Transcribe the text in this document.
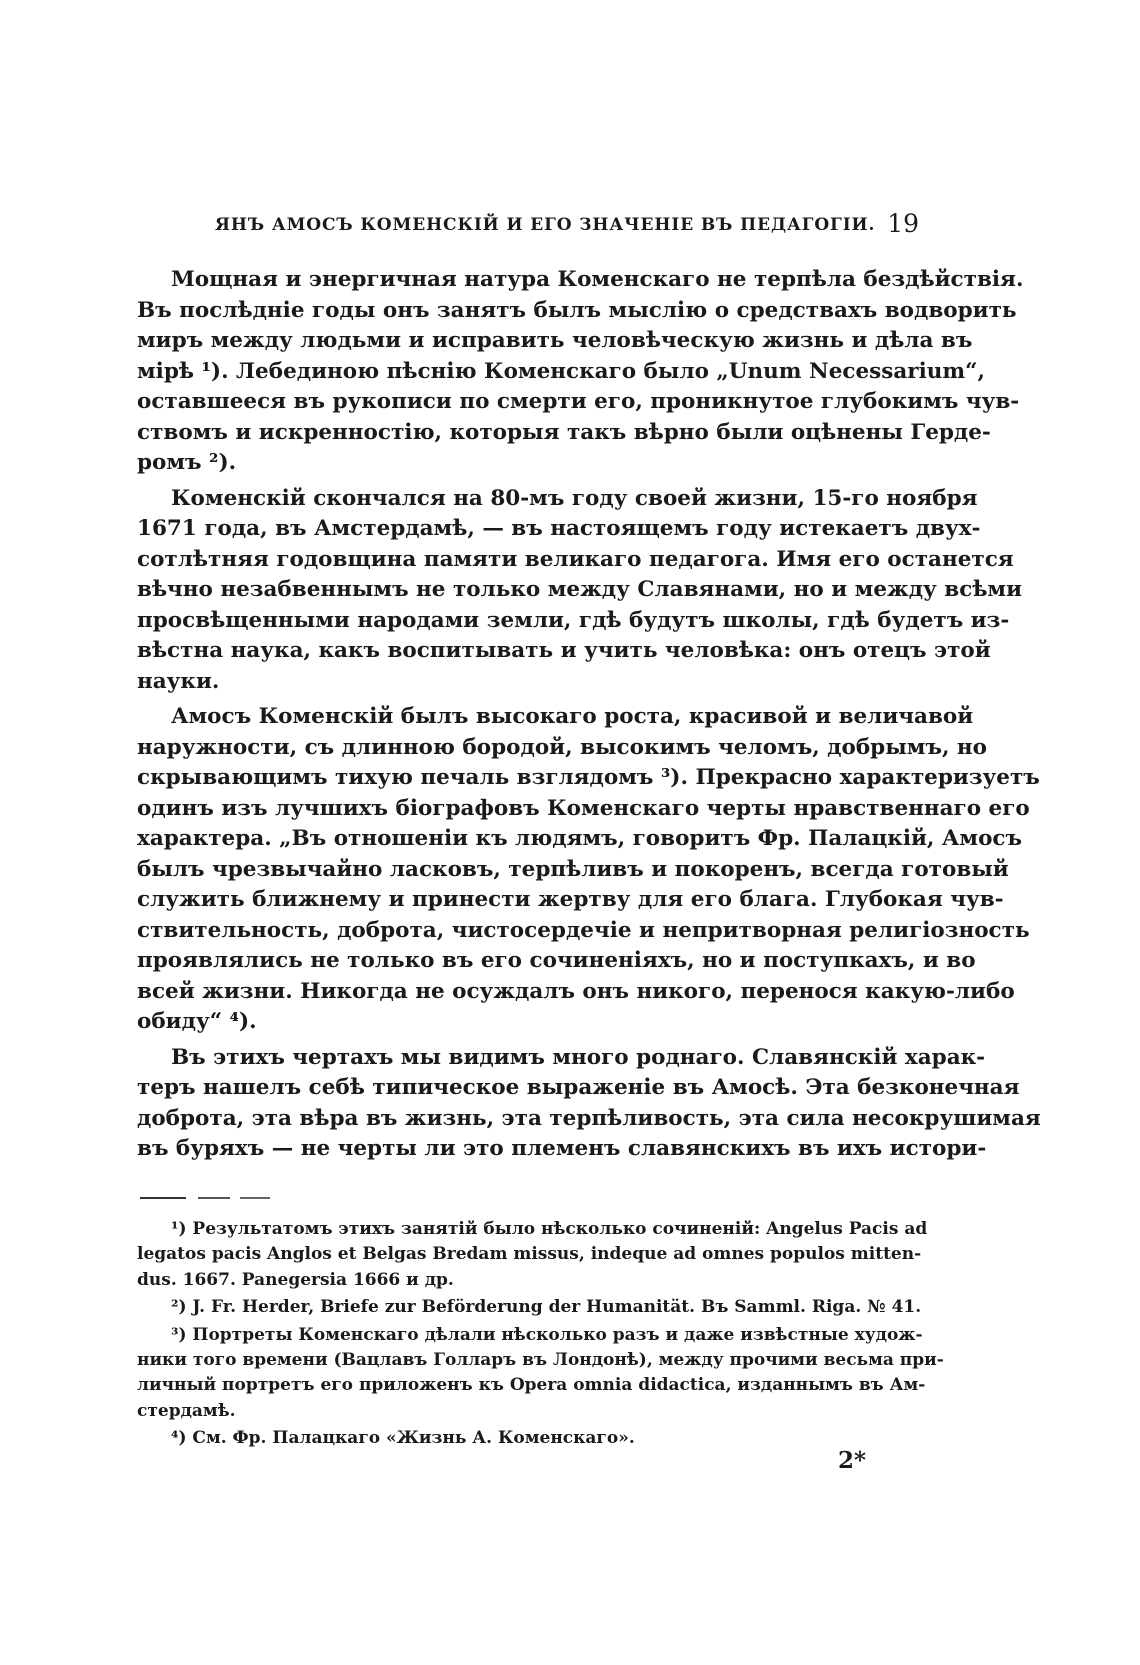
ЯНЪ АМОСЪ КОМЕНСКІЙ И ЕГО ЗНАЧЕНІЕ ВЪ ПЕДАГОГІИ. 19

Мощная и энергичная натура Коменскаго не терпѣла бездѣйствія.
Въ послѣдніе годы онъ занятъ былъ мыслію о средствахъ водворить
миръ между людьми и исправить человѣческую жизнь и дѣла въ
мірѣ ¹). Лебединою пѣснію Коменскаго было „Unum Necessarium“,
оставшееся въ рукописи по смерти его, проникнутое глубокимъ чув-
ствомъ и искренностію, которыя такъ вѣрно были оцѣнены Гердe-
ромъ ²).

Коменскій скончался на 80-мъ году своей жизни, 15-го ноября
1671 года, въ Амстердамѣ, — въ настоящемъ году истекаетъ двух-
сотлѣтняя годовщина памяти великаго педагога. Имя его останется
вѣчно незабвеннымъ не только между Славянами, но и между всѣми
просвѣщенными народами земли, гдѣ будутъ школы, гдѣ будетъ из-
вѣстна наука, какъ воспитывать и учить человѣка: онъ отецъ этой
науки.

Амосъ Коменскій былъ высокаго роста, красивой и величавой
наружности, съ длинною бородой, высокимъ челомъ, добрымъ, но
скрывающимъ тихую печаль взглядомъ ³). Прекрасно характеризуетъ
одинъ изъ лучшихъ біографовъ Коменскаго черты нравственнаго его
характера. „Въ отношеніи къ людямъ, говоритъ Фр. Палацкій, Амосъ
былъ чрезвычайно ласковъ, терпѣливъ и покоренъ, всегда готовый
служить ближнему и принести жертву для его блага. Глубокая чув-
ствительность, доброта, чистосердечіе и непритворная религіозность
проявлялись не только въ его сочиненіяхъ, но и поступкахъ, и во
всей жизни. Никогда не осуждалъ онъ никого, перенося какую-либо
обиду“ ⁴).

Въ этихъ чертахъ мы видимъ много роднаго. Славянскій харак-
теръ нашелъ себѣ типическое выраженіе въ Амосѣ. Эта безконечная
доброта, эта вѣра въ жизнь, эта терпѣливость, эта сила несокрушимая
въ буряхъ — не черты ли это племенъ славянскихъ въ ихъ истори-

¹) Результатомъ этихъ занятій было нѣсколько сочиненій: Angelus Pacis ad
legatos pacis Anglos et Belgas Bredam missus, indeque ad omnes populos mitten-
dus. 1667. Panegersia 1666 и др.

²) J. Fr. Herder, Briefe zur Beförderung der Humanität. Въ Samml. Riga. № 41.

³) Портреты Коменскаго дѣлали нѣсколько разъ и даже извѣстные худож-
ники того времени (Вацлавъ Голларъ въ Лондонѣ), между прочими весьма при-
личный портретъ его приложенъ къ Opera omnia didactica, изданнымъ въ Ам-
стердамѣ.

⁴) См. Фр. Палацкаго «Жизнь А. Коменскаго».

2*
